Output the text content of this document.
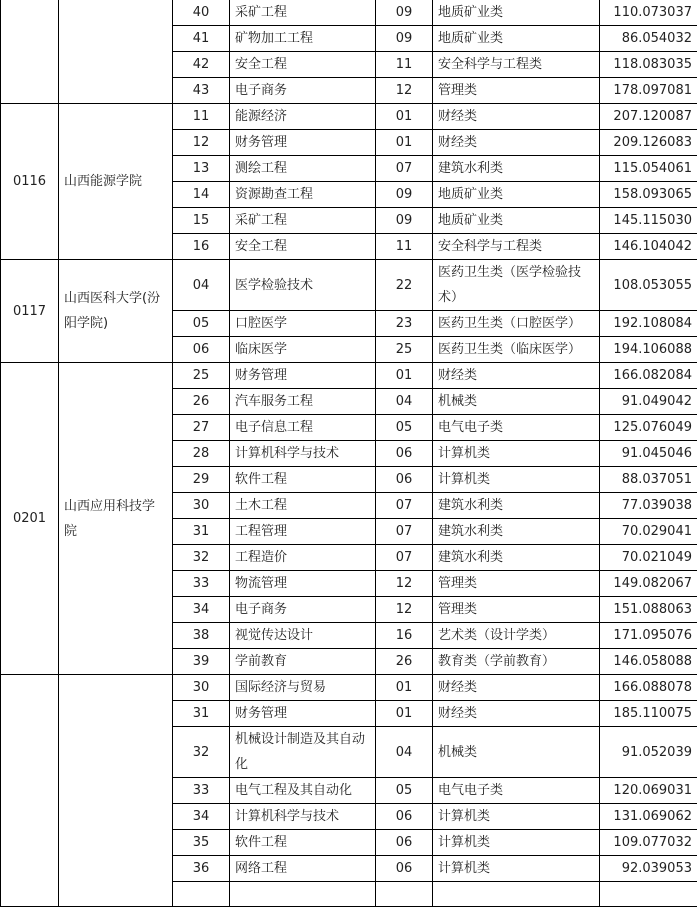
		40	采矿工程	09	地质矿业类	110.073037
		41	矿物加工工程	09	地质矿业类	86.054032
		42	安全工程	11	安全科学与工程类	118.083035
		43	电子商务	12	管理类	178.097081
0116	山西能源学院	11	能源经济	01	财经类	207.120087
		12	财务管理	01	财经类	209.126083
		13	测绘工程	07	建筑水利类	115.054061
		14	资源勘查工程	09	地质矿业类	158.093065
		15	采矿工程	09	地质矿业类	145.115030
		16	安全工程	11	安全科学与工程类	146.104042
0117	山西医科大学(汾阳学院)	04	医学检验技术	22	医药卫生类（医学检验技术）	108.053055
		05	口腔医学	23	医药卫生类（口腔医学）	192.108084
		06	临床医学	25	医药卫生类（临床医学）	194.106088
0201	山西应用科技学院	25	财务管理	01	财经类	166.082084
		26	汽车服务工程	04	机械类	91.049042
		27	电子信息工程	05	电气电子类	125.076049
		28	计算机科学与技术	06	计算机类	91.045046
		29	软件工程	06	计算机类	88.037051
		30	土木工程	07	建筑水利类	77.039038
		31	工程管理	07	建筑水利类	70.029041
		32	工程造价	07	建筑水利类	70.021049
		33	物流管理	12	管理类	149.082067
		34	电子商务	12	管理类	151.088063
		38	视觉传达设计	16	艺术类（设计学类）	171.095076
		39	学前教育	26	教育类（学前教育）	146.058088
		30	国际经济与贸易	01	财经类	166.088078
		31	财务管理	01	财经类	185.110075
		32	机械设计制造及其自动化	04	机械类	91.052039
		33	电气工程及其自动化	05	电气电子类	120.069031
		34	计算机科学与技术	06	计算机类	131.069062
		35	软件工程	06	计算机类	109.077032
		36	网络工程	06	计算机类	92.039053
